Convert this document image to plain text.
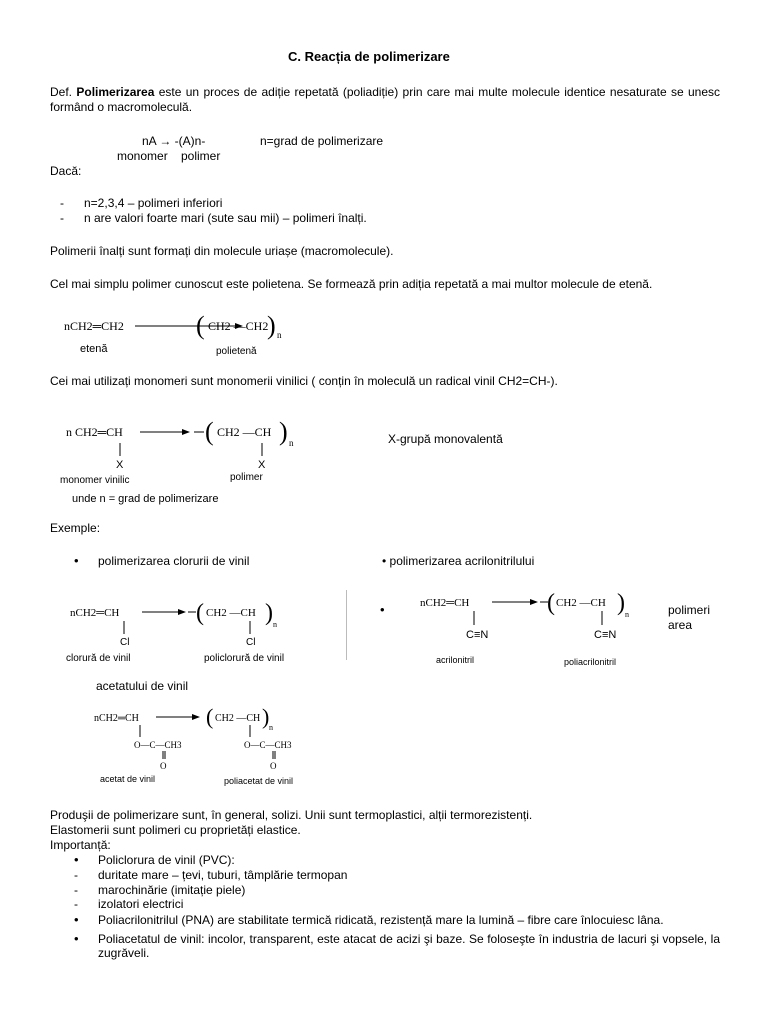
C. Reacția de polimerizare
Def. Polimerizarea este un proces de adiție repetată (poliadiție) prin care mai multe molecule identice nesaturate se unesc formând o macromoleculă.
nA → -(A)n-	n=grad de polimerizare
monomer polimer
Dacă:
- n=2,3,4 – polimeri inferiori
- n are valori foarte mari (sute sau mii) – polimeri înalți.
Polimerii înalți sunt formați din molecule uriașe (macromolecule).
Cel mai simplu polimer cunoscut este polietena. Se formează prin adiția repetată a mai multor molecule de etenă.
nCH2═CH2	( CH2 —CH2
) n
etenă	polietenă
Cei mai utilizați monomeri sunt monomerii vinilici ( conțin în moleculă un radical vinil CH2=CH-).
n CH2═CH
X
( CH2 —CH
X
) n
monomer vinilic	polimer
unde n = grad de polimerizare
X-grupă monovalentă
Exemple:
• polimerizarea clorurii de vinil	• polimerizarea acrilonitrilului
nCH2═CH
Cl
( CH2 —CH
Cl
) n
clorură de vinil	policlorură de vinil
•	nCH2═CH
C≡N
( CH2 —CH
C≡N
) n
acrilonitril	poliacrilonitril
polimeri
area
acetatului de vinil
nCH2═CH
O—C—CH3
O
( CH2 —CH
O—C—CH3
O
) n
acetat de vinil	poliacetat de vinil
Produşii de polimerizare sunt, în general, solizi. Unii sunt termoplastici, alții termorezistenți.
Elastomerii sunt polimeri cu proprietăți elastice.
Importanță:
• Policlorura de vinil (PVC):
- duritate mare – țevi, tuburi, tâmplărie termopan
- marochinărie (imitație piele)
- izolatori electrici
• Poliacrilonitrilul (PNA) are stabilitate termică ridicată, rezistență mare la lumină – fibre care înlocuiesc lâna.
• Poliacetatul de vinil: incolor, transparent, este atacat de acizi şi baze. Se foloseşte în industria de lacuri şi vopsele, la zugrăveli.
